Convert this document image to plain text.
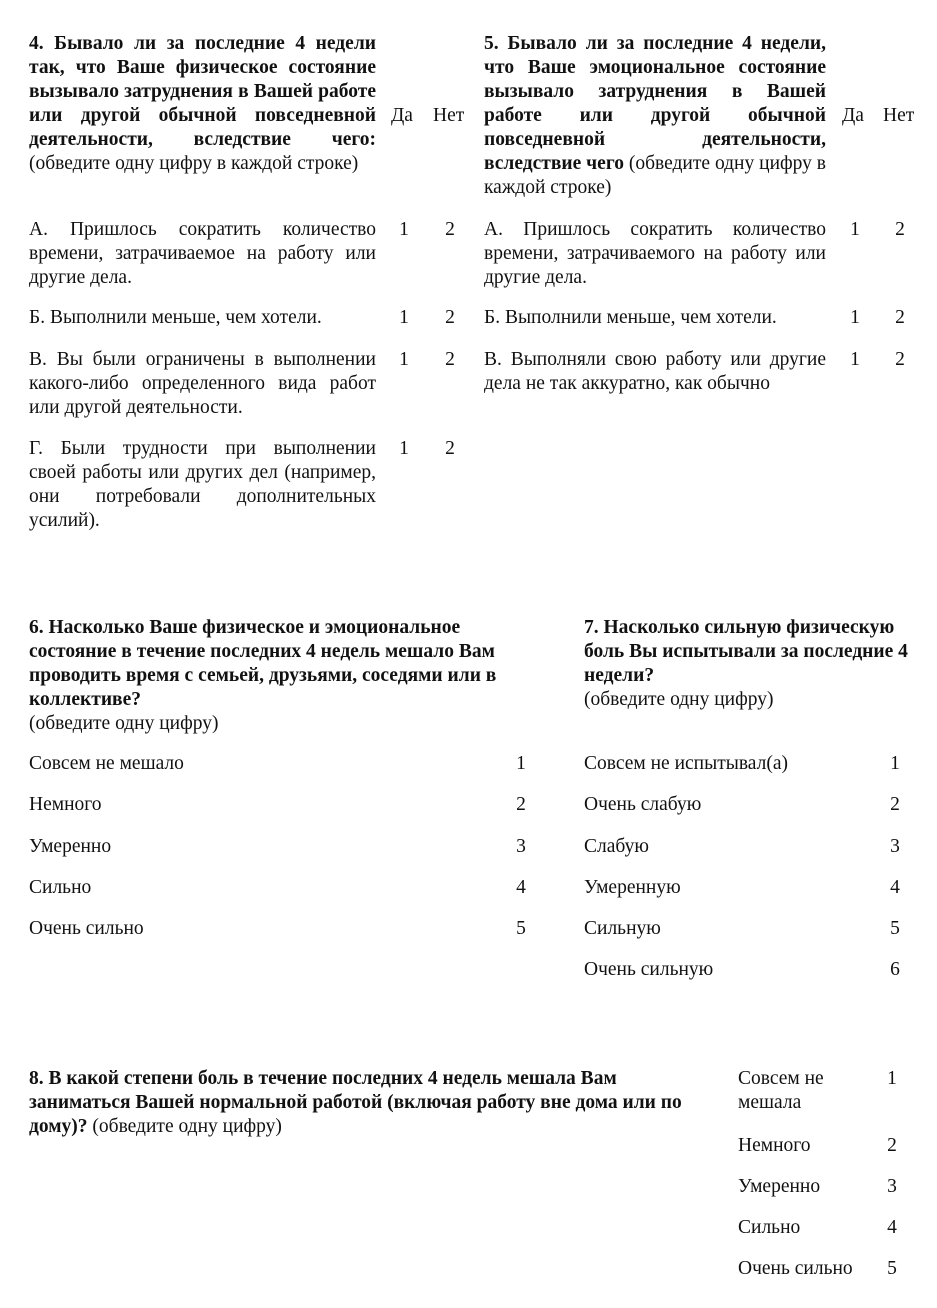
4. Бывало ли за последние 4 недели так, что Ваше физическое состояние вызывало затруднения в Вашей работе или другой обычной повседневной деятельности, вследствие чего: (обведите одну цифру в каждой строке)
Да Нет
А. Пришлось сократить количество времени, затрачиваемое на работу или другие дела.
1 2
Б. Выполнили меньше, чем хотели.	1 2
В. Вы были ограничены в выполнении какого-либо определенного вида работ или другой деятельности.
1 2
Г. Были трудности при выполнении своей работы или других дел (например, они потребовали дополнительных усилий).
1 2
5. Бывало ли за последние 4 недели, что Ваше эмоциональное состояние вызывало затруднения в Вашей работе или другой обычной повседневной деятельности, вследствие чего (обведите одну цифру в каждой строке)
Да Нет
А. Пришлось сократить количество времени, затрачиваемого на работу или другие дела.
1 2
Б. Выполнили меньше, чем хотели.	1 2
В. Выполняли свою работу или другие дела не так аккуратно, как обычно
1 2
6. Насколько Ваше физическое и эмоциональное состояние в течение последних 4 недель мешало Вам проводить время с семьей, друзьями, соседями или в коллективе?
(обведите одну цифру)
Совсем не мешало	1
Немного	2
Умеренно	3
Сильно	4
Очень сильно	5
7. Насколько сильную физическую боль Вы испытывали за последние 4 недели?
(обведите одну цифру)
Совсем не испытывал(а)	1
Очень слабую	2
Слабую	3
Умеренную	4
Сильную	5
Очень сильную	6
8. В какой степени боль в течение последних 4 недель мешала Вам заниматься Вашей нормальной работой (включая работу вне дома или по дому)? (обведите одну цифру)
Совсем не мешала
1
Немного	2
Умеренно	3
Сильно	4
Очень сильно 5
